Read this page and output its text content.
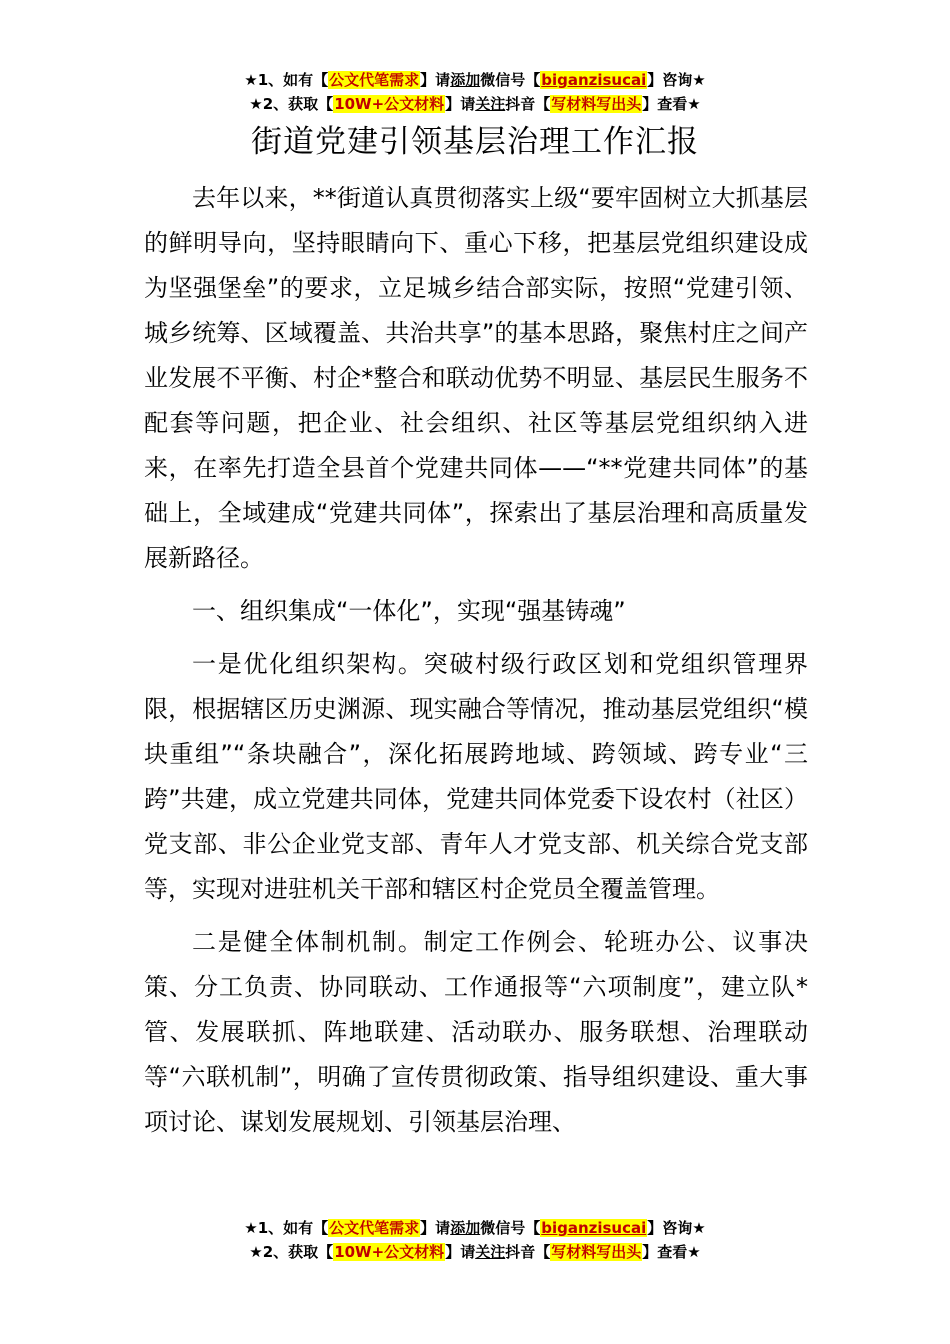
★1、如有【公文代笔需求】请添加微信号【biganzisucai】咨询★
★2、获取【10W+公文材料】请关注抖音【写材料写出头】查看★
街道党建引领基层治理工作汇报

去年以来，**街道认真贯彻落实上级“要牢固树立大抓基层的鲜明导向，坚持眼睛向下、重心下移，把基层党组织建设成为坚强堡垒”的要求，立足城乡结合部实际，按照“党建引领、城乡统筹、区域覆盖、共治共享”的基本思路，聚焦村庄之间产业发展不平衡、村企*整合和联动优势不明显、基层民生服务不配套等问题，把企业、社会组织、社区等基层党组织纳入进来，在率先打造全县首个党建共同体——“**党建共同体”的基础上，全域建成“党建共同体”，探索出了基层治理和高质量发展新路径。

一、组织集成“一体化”，实现“强基铸魂”

一是优化组织架构。突破村级行政区划和党组织管理界限，根据辖区历史渊源、现实融合等情况，推动基层党组织“模块重组”“条块融合”，深化拓展跨地域、跨领域、跨专业“三跨”共建，成立党建共同体，党建共同体党委下设农村（社区）党支部、非公企业党支部、青年人才党支部、机关综合党支部等，实现对进驻机关干部和辖区村企党员全覆盖管理。

二是健全体制机制。制定工作例会、轮班办公、议事决策、分工负责、协同联动、工作通报等“六项制度”，建立队*管、发展联抓、阵地联建、活动联办、服务联想、治理联动等“六联机制”，明确了宣传贯彻政策、指导组织建设、重大事项讨论、谋划发展规划、引领基层治理、

★1、如有【公文代笔需求】请添加微信号【biganzisucai】咨询★
★2、获取【10W+公文材料】请关注抖音【写材料写出头】查看★
